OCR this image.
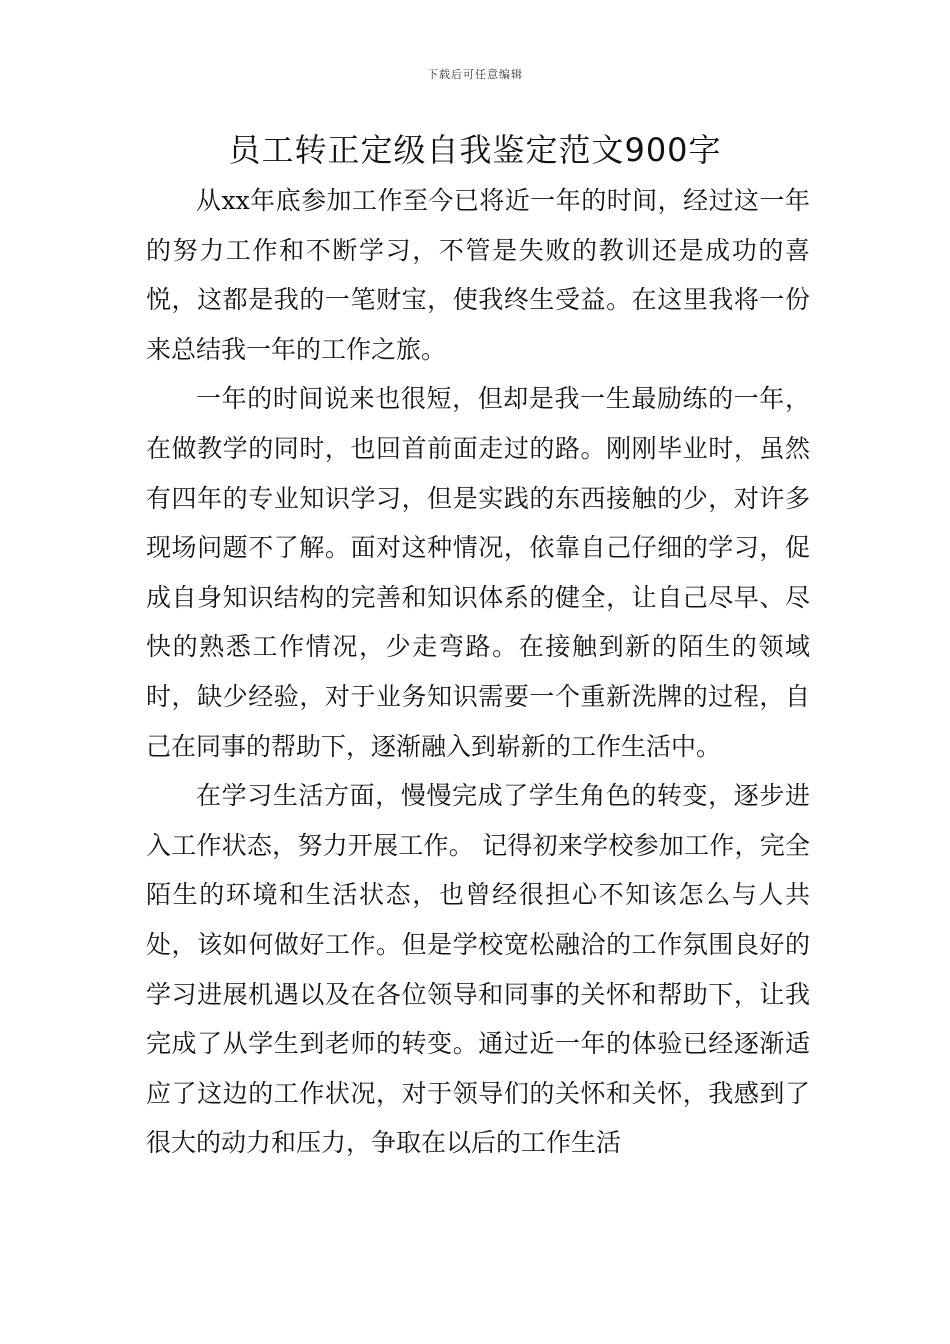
下载后可任意编辑
员工转正定级自我鉴定范文900字

从xx年底参加工作至今已将近一年的时间，经过这一年的努力工作和不断学习，不管是失败的教训还是成功的喜悦，这都是我的一笔财宝，使我终生受益。在这里我将一份来总结我一年的工作之旅。

一年的时间说来也很短，但却是我一生最励练的一年，在做教学的同时，也回首前面走过的路。刚刚毕业时，虽然有四年的专业知识学习，但是实践的东西接触的少，对许多现场问题不了解。面对这种情况，依靠自己仔细的学习，促成自身知识结构的完善和知识体系的健全，让自己尽早、尽快的熟悉工作情况，少走弯路。在接触到新的陌生的领域时，缺少经验，对于业务知识需要一个重新洗牌的过程，自己在同事的帮助下，逐渐融入到崭新的工作生活中。

在学习生活方面，慢慢完成了学生角色的转变，逐步进入工作状态，努力开展工作。 记得初来学校参加工作，完全陌生的环境和生活状态，也曾经很担心不知该怎么与人共处，该如何做好工作。但是学校宽松融洽的工作氛围良好的学习进展机遇以及在各位领导和同事的关怀和帮助下，让我完成了从学生到老师的转变。通过近一年的体验已经逐渐适应了这边的工作状况，对于领导们的关怀和关怀，我感到了很大的动力和压力，争取在以后的工作生活
